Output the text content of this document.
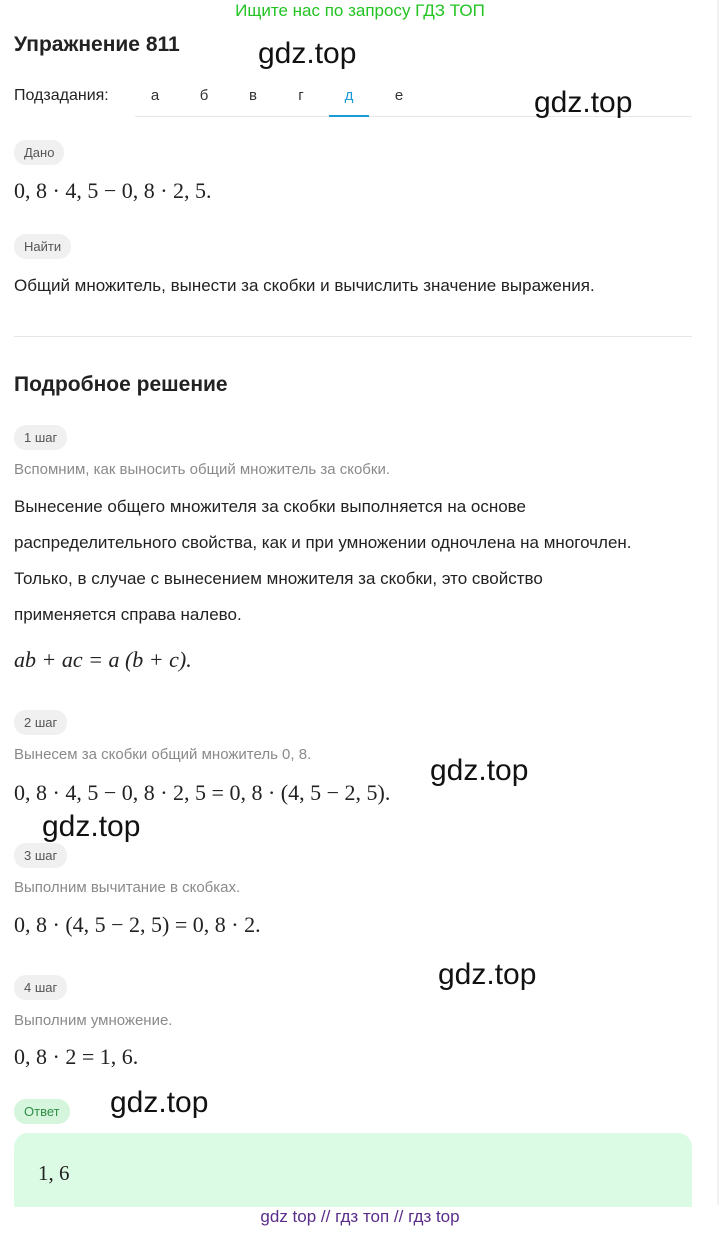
Ищите нас по запросу ГДЗ ТОП
Упражнение 811	gdz.top
Подзадания:	а	б	в	г	д	е	gdz.top
Дано
0, 8 · 4, 5 − 0, 8 · 2, 5.
Найти
Общий множитель, вынести за скобки и вычислить значение выражения.
Подробное решение
1 шаг
Вспомним, как выносить общий множитель за скобки.
Вынесение общего множителя за скобки выполняется на основе
распределительного свойства, как и при умножении одночлена на многочлен.
Только, в случае с вынесением множителя за скобки, это свойство
применяется справа налево.
ab + ac = a (b + c).
2 шаг
Вынесем за скобки общий множитель 0, 8.	gdz.top
0, 8 · 4, 5 − 0, 8 · 2, 5 = 0, 8 · (4, 5 − 2, 5).
gdz.top
3 шаг
Выполним вычитание в скобках.
0, 8 · (4, 5 − 2, 5) = 0, 8 · 2.
gdz.top
4 шаг
Выполним умножение.
0, 8 · 2 = 1, 6.
Ответ	gdz.top
1, 6
gdz top // гдз топ // гдз top
